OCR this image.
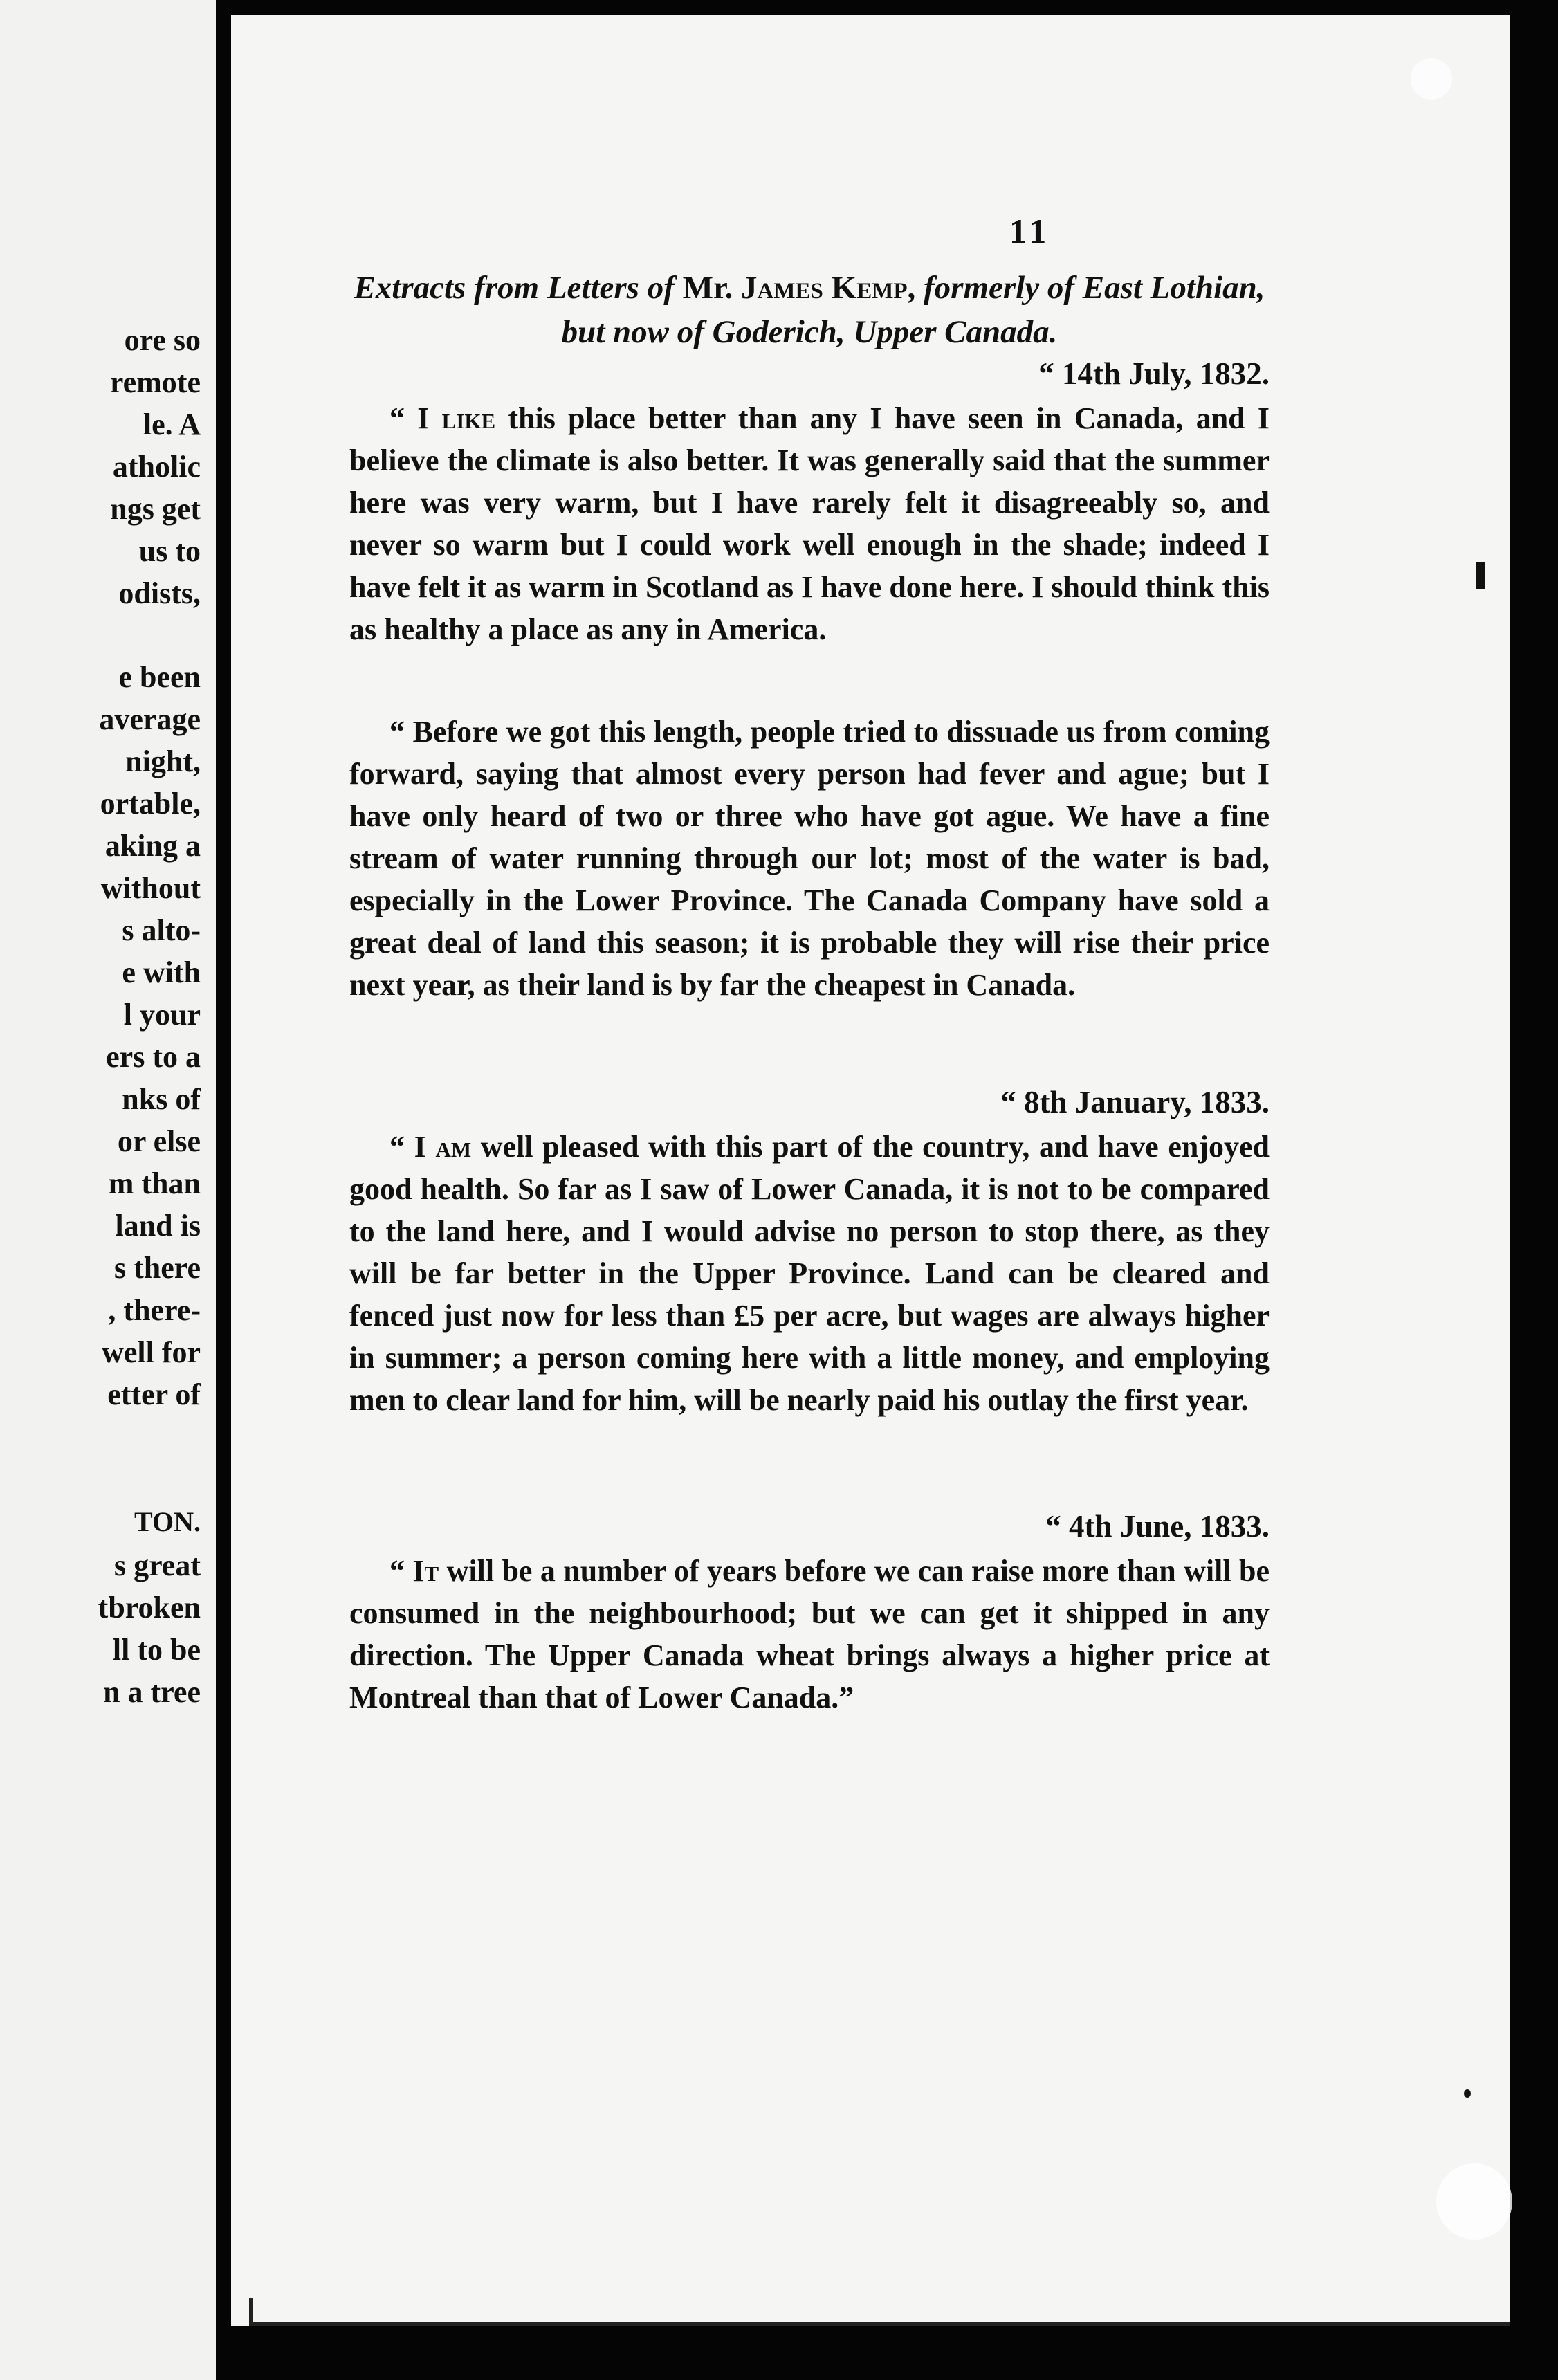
ore so

remote

le. A

atholic

ngs get

us to

odists,

e been

average

night,

ortable,

aking a

without

s alto-

e with

l your

ers to a

nks of

or else

m than

land is

s there

, there-

well for

etter of

TON.

s great

tbroken

ll to be

n a tree

11

Extracts from Letters of Mr. James Kemp, formerly of East Lothian, but now of Goderich, Upper Canada.

“ 14th July, 1832.

“ I like this place better than any I have seen in Canada, and I believe the climate is also better. It was generally said that the summer here was very warm, but I have rarely felt it disagreeably so, and never so warm but I could work well enough in the shade; indeed I have felt it as warm in Scotland as I have done here. I should think this as healthy a place as any in America.

“ Before we got this length, people tried to dissuade us from coming forward, saying that almost every person had fever and ague; but I have only heard of two or three who have got ague. We have a fine stream of water running through our lot; most of the water is bad, especially in the Lower Province. The Canada Company have sold a great deal of land this season; it is probable they will rise their price next year, as their land is by far the cheapest in Canada.

“ 8th January, 1833.

“ I am well pleased with this part of the country, and have enjoyed good health. So far as I saw of Lower Canada, it is not to be compared to the land here, and I would advise no person to stop there, as they will be far better in the Upper Province. Land can be cleared and fenced just now for less than £5 per acre, but wages are always higher in summer; a person coming here with a little money, and employing men to clear land for him, will be nearly paid his outlay the first year.

“ 4th June, 1833.

“ It will be a number of years before we can raise more than will be consumed in the neighbourhood; but we can get it shipped in any direction. The Upper Canada wheat brings always a higher price at Montreal than that of Lower Canada.”
